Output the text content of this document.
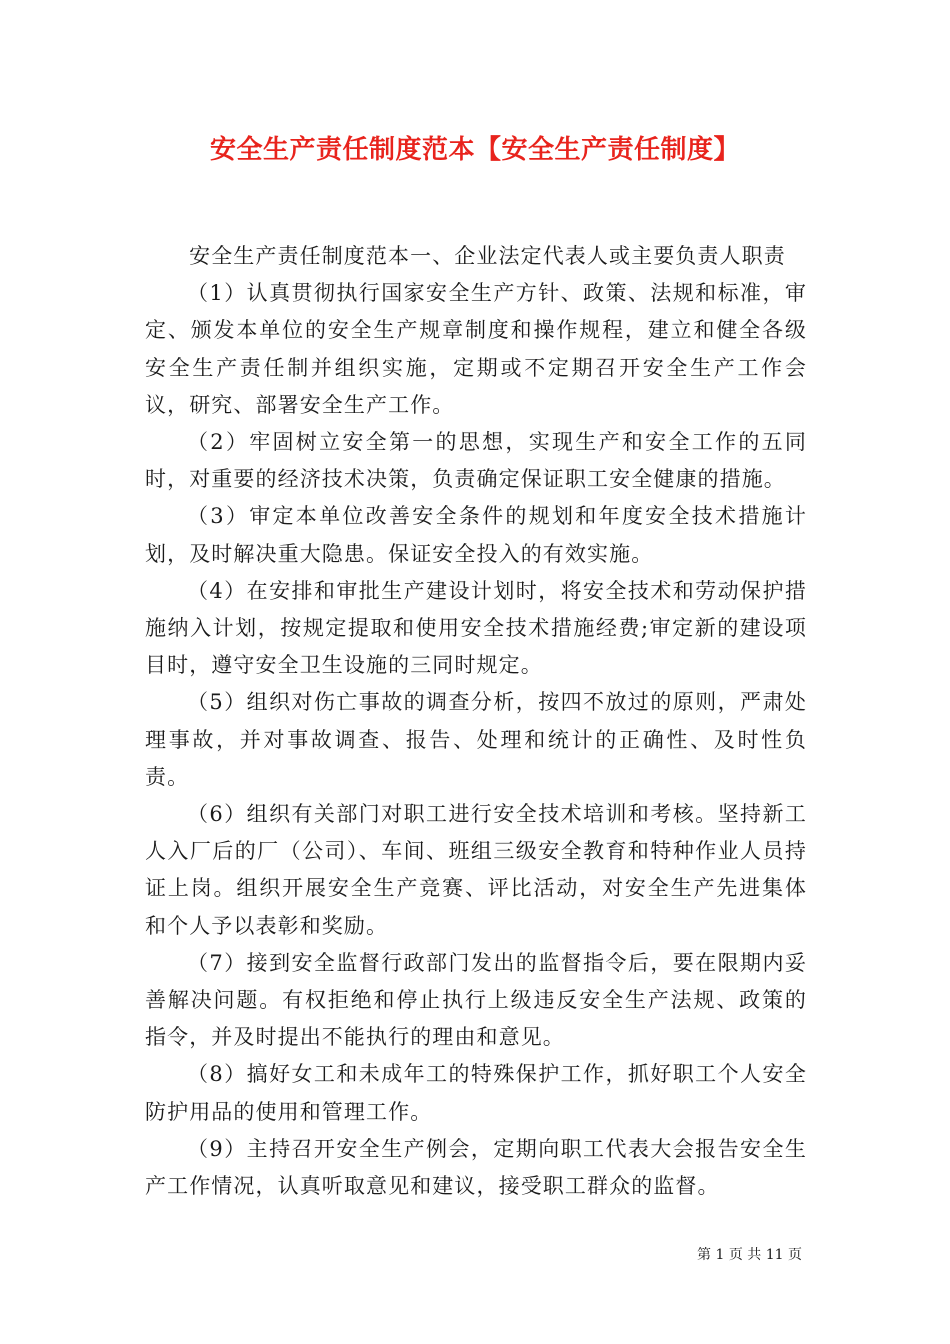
安全生产责任制度范本【安全生产责任制度】

安全生产责任制度范本一、企业法定代表人或主要负责人职责

（1）认真贯彻执行国家安全生产方针、政策、法规和标准，审定、颁发本单位的安全生产规章制度和操作规程，建立和健全各级安全生产责任制并组织实施，定期或不定期召开安全生产工作会议，研究、部署安全生产工作。

（2）牢固树立安全第一的思想，实现生产和安全工作的五同时，对重要的经济技术决策，负责确定保证职工安全健康的措施。

（3）审定本单位改善安全条件的规划和年度安全技术措施计划，及时解决重大隐患。保证安全投入的有效实施。

（4）在安排和审批生产建设计划时，将安全技术和劳动保护措施纳入计划，按规定提取和使用安全技术措施经费;审定新的建设项目时，遵守安全卫生设施的三同时规定。

（5）组织对伤亡事故的调查分析，按四不放过的原则，严肃处理事故，并对事故调查、报告、处理和统计的正确性、及时性负责。

（6）组织有关部门对职工进行安全技术培训和考核。坚持新工人入厂后的厂（公司）、车间、班组三级安全教育和特种作业人员持证上岗。组织开展安全生产竞赛、评比活动，对安全生产先进集体和个人予以表彰和奖励。

（7）接到安全监督行政部门发出的监督指令后，要在限期内妥善解决问题。有权拒绝和停止执行上级违反安全生产法规、政策的指令，并及时提出不能执行的理由和意见。

（8）搞好女工和未成年工的特殊保护工作，抓好职工个人安全防护用品的使用和管理工作。

（9）主持召开安全生产例会，定期向职工代表大会报告安全生产工作情况，认真听取意见和建议，接受职工群众的监督。

第 1 页 共 11 页
